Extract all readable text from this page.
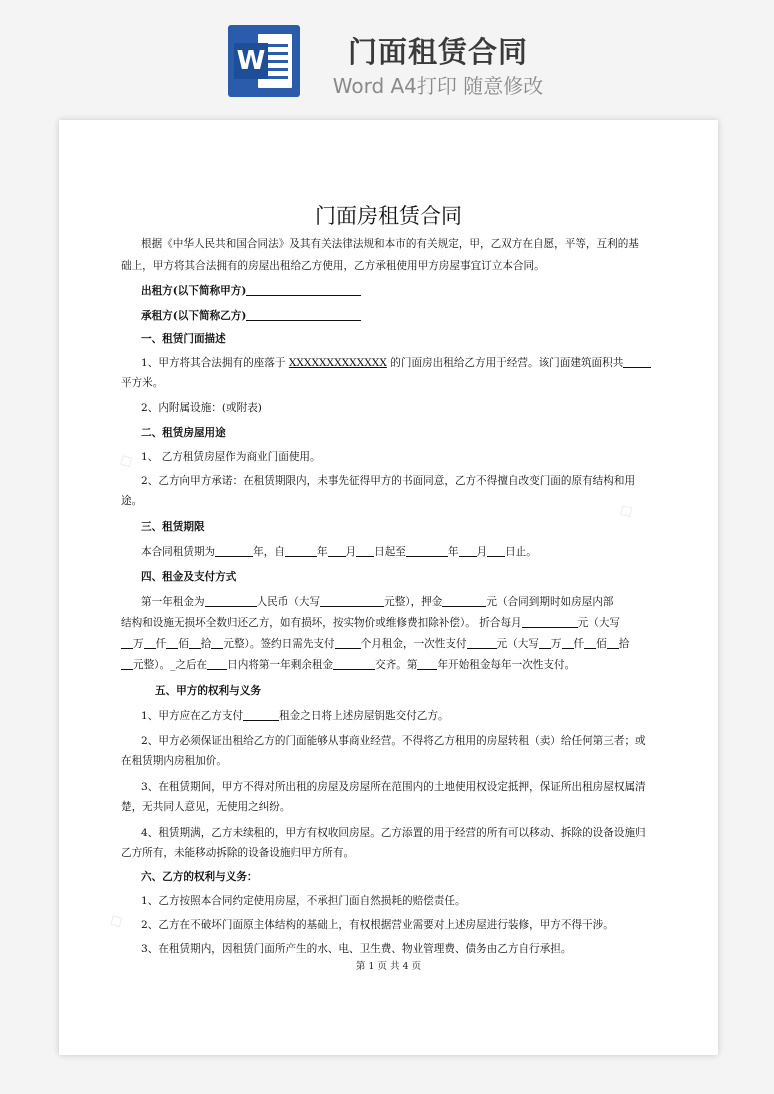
W	门面租赁合同
Word A4打印 随意修改
◇
◇
◇
门面房租赁合同
根据《中华人民共和国合同法》及其有关法律法规和本市的有关规定，甲，乙双方在自愿，平等，互利的基
础上，甲方将其合法拥有的房屋出租给乙方使用，乙方承租使用甲方房屋事宜订立本合同。
出租方(以下简称甲方)
承租方(以下简称乙方)
一、租赁门面描述
1、甲方将其合法拥有的座落于 XXXXXXXXXXXXX 的门面房出租给乙方用于经营。该门面建筑面积共
平方米。
2、内附属设施：(或附表)
二、租赁房屋用途
1、 乙方租赁房屋作为商业门面使用。
2、乙方向甲方承诺：在租赁期限内，未事先征得甲方的书面同意，乙方不得擅自改变门面的原有结构和用
途。
三、租赁期限
本合同租赁期为	年，自	年 月 日起至	年 月 日止。
四、租金及支付方式
第一年租金为	人民币（大写	元整），押金	元（合同到期时如房屋内部
结构和设施无损坏全数归还乙方，如有损坏，按实物价或维修费扣除补偿）。 折合每月	元（大写
万 仟 佰 拾 元整）。签约日需先支付 个月租金，一次性支付	元（大写 万 仟 佰 拾
元整）。_之后在 日内将第一年剩余租金	交齐。第 年开始租金每年一次性支付。
五、甲方的权利与义务
1、甲方应在乙方支付	租金之日将上述房屋钥匙交付乙方。
2、甲方必须保证出租给乙方的门面能够从事商业经营。不得将乙方租用的房屋转租（卖）给任何第三者；或
在租赁期内房租加价。
3、在租赁期间，甲方不得对所出租的房屋及房屋所在范围内的土地使用权设定抵押，保证所出租房屋权属清
楚，无共同人意见，无使用之纠纷。
4、租赁期满，乙方未续租的，甲方有权收回房屋。乙方添置的用于经营的所有可以移动、拆除的设备设施归
乙方所有，未能移动拆除的设备设施归甲方所有。
六、乙方的权利与义务：
1、乙方按照本合同约定使用房屋，不承担门面自然损耗的赔偿责任。
2、乙方在不破坏门面原主体结构的基础上，有权根据营业需要对上述房屋进行装修，甲方不得干涉。
3、在租赁期内，因租赁门面所产生的水、电、卫生费、物业管理费、债务由乙方自行承担。
第 1 页 共 4 页
